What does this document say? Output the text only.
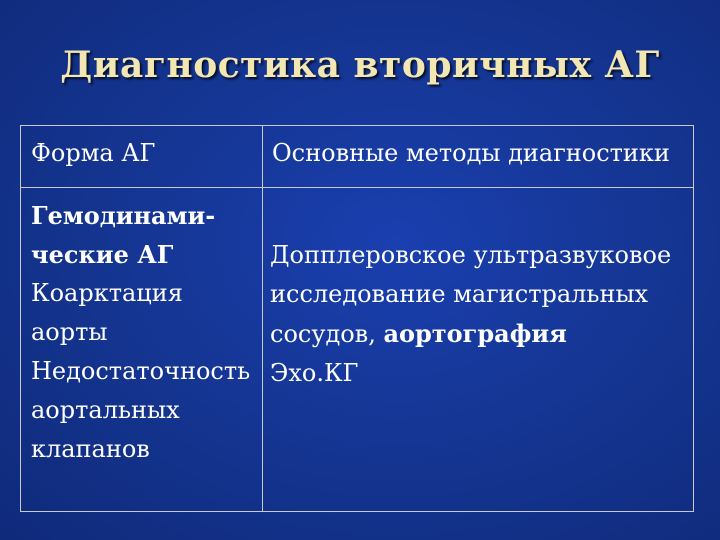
Диагностика вторичных АГ
Форма АГ	Основные методы диагностики
Гемодинами-
ческие АГ
Коарктация
аорты
Недостаточность
аортальных
клапанов
Допплеровское ультразвуковое
исследование магистральных
сосудов, аортография
Эхо.КГ
